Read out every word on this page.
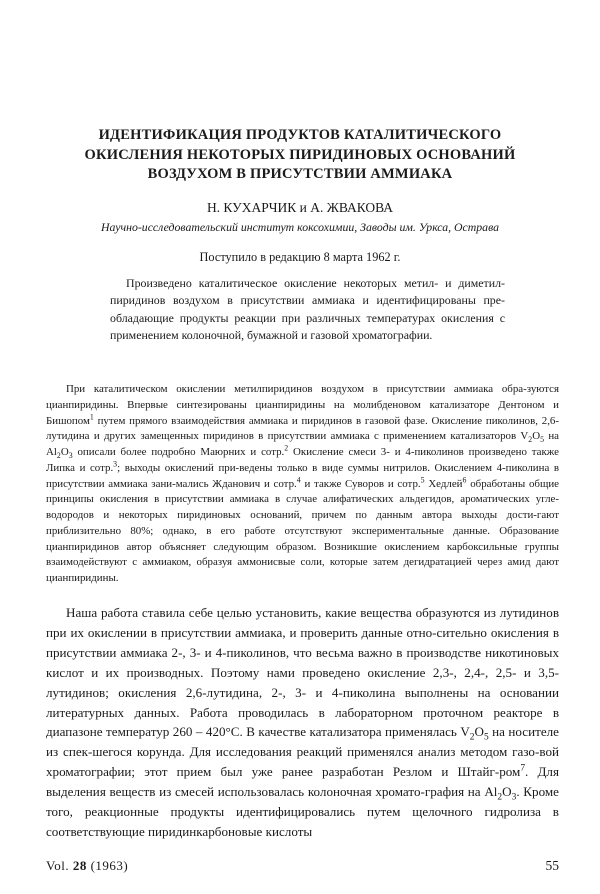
ИДЕНТИФИКАЦИЯ ПРОДУКТОВ КАТАЛИТИЧЕСКОГО
ОКИСЛЕНИЯ НЕКОТОРЫХ ПИРИДИНОВЫХ ОСНОВАНИЙ
ВОЗДУХОМ В ПРИСУТСТВИИ АММИАКА

Н. КУХАРЧИК и А. ЖВАКОВА

Научно-исследовательский институт коксохимии, Заводы им. Уркса, Острава

Поступило в редакцию 8 марта 1962 г.

Произведено каталитическое окисление некоторых метил- и диметил-пиридинов воздухом в присутствии аммиака и идентифицированы пре-обладающие продукты реакции при различных температурах окисления с применением колоночной, бумажной и газовой хроматографии.

При каталитическом окислении метилпиридинов воздухом в присутствии аммиака обра-зуются цианпиридины. Впервые синтезированы цианпиридины на молибденовом катализаторе Дентоном и Бишопом$^1$ путем прямого взаимодействия аммиака и пиридинов в газовой фазе. Окисление пиколинов, 2,6-лутидина и других замещенных пиридинов в присутствии аммиака с применением катализаторов $V_2O_5$ на $Al_2O_3$ описали более подробно Маюрних и сотр.$^2$ Окисление смеси 3- и 4-пиколинов произведено также Липка и сотр.$^3$; выходы окислений при-ведены только в виде суммы нитрилов. Окислением 4-пиколина в присутствии аммиака зани-мались Жданович и сотр.$^4$ и также Суворов и сотр.$^5$ Хедлей$^6$ обработаны общие принципы окисления в присутствии аммиака в случае алифатических альдегидов, ароматических угле-водородов и некоторых пиридиновых оснований, причем по данным автора выходы дости-гают приблизительно 80%; однако, в его работе отсутствуют экспериментальные данные. Образование цианпиридинов автор объясняет следующим образом. Возникшие окислением карбоксильные группы взаимодействуют с аммиаком, образуя аммонисвые соли, которые затем дегидратацией через амид дают цианпиридины.

Наша работа ставила себе целью установить, какие вещества образуются из лутидинов при их окислении в присутствии аммиака, и проверить данные отно-сительно окисления в присутствии аммиака 2-, 3- и 4-пиколинов, что весьма важно в производстве никотиновых кислот и их производных. Поэтому нами проведено окисление 2,3-, 2,4-, 2,5- и 3,5-лутидинов; окисления 2,6-лутидина, 2-, 3- и 4-пиколина выполнены на основании литературных данных. Работа проводилась в лабораторном проточном реакторе в диапазоне температур 260 – 420°C. В качестве катализатора применялась $V_2O_5$ на носителе из спек-шегося корунда. Для исследования реакций применялся анализ методом газо-вой хроматографии; этот прием был уже ранее разработан Резлом и Штайг-ром$^7$. Для выделения веществ из смесей использовалась колоночная хромато-графия на $Al_2O_3$. Кроме того, реакционные продукты идентифицировались путем щелочного гидролиза в соответствующие пиридинкарбоновые кислоты

Vol. 28 (1963)	55
